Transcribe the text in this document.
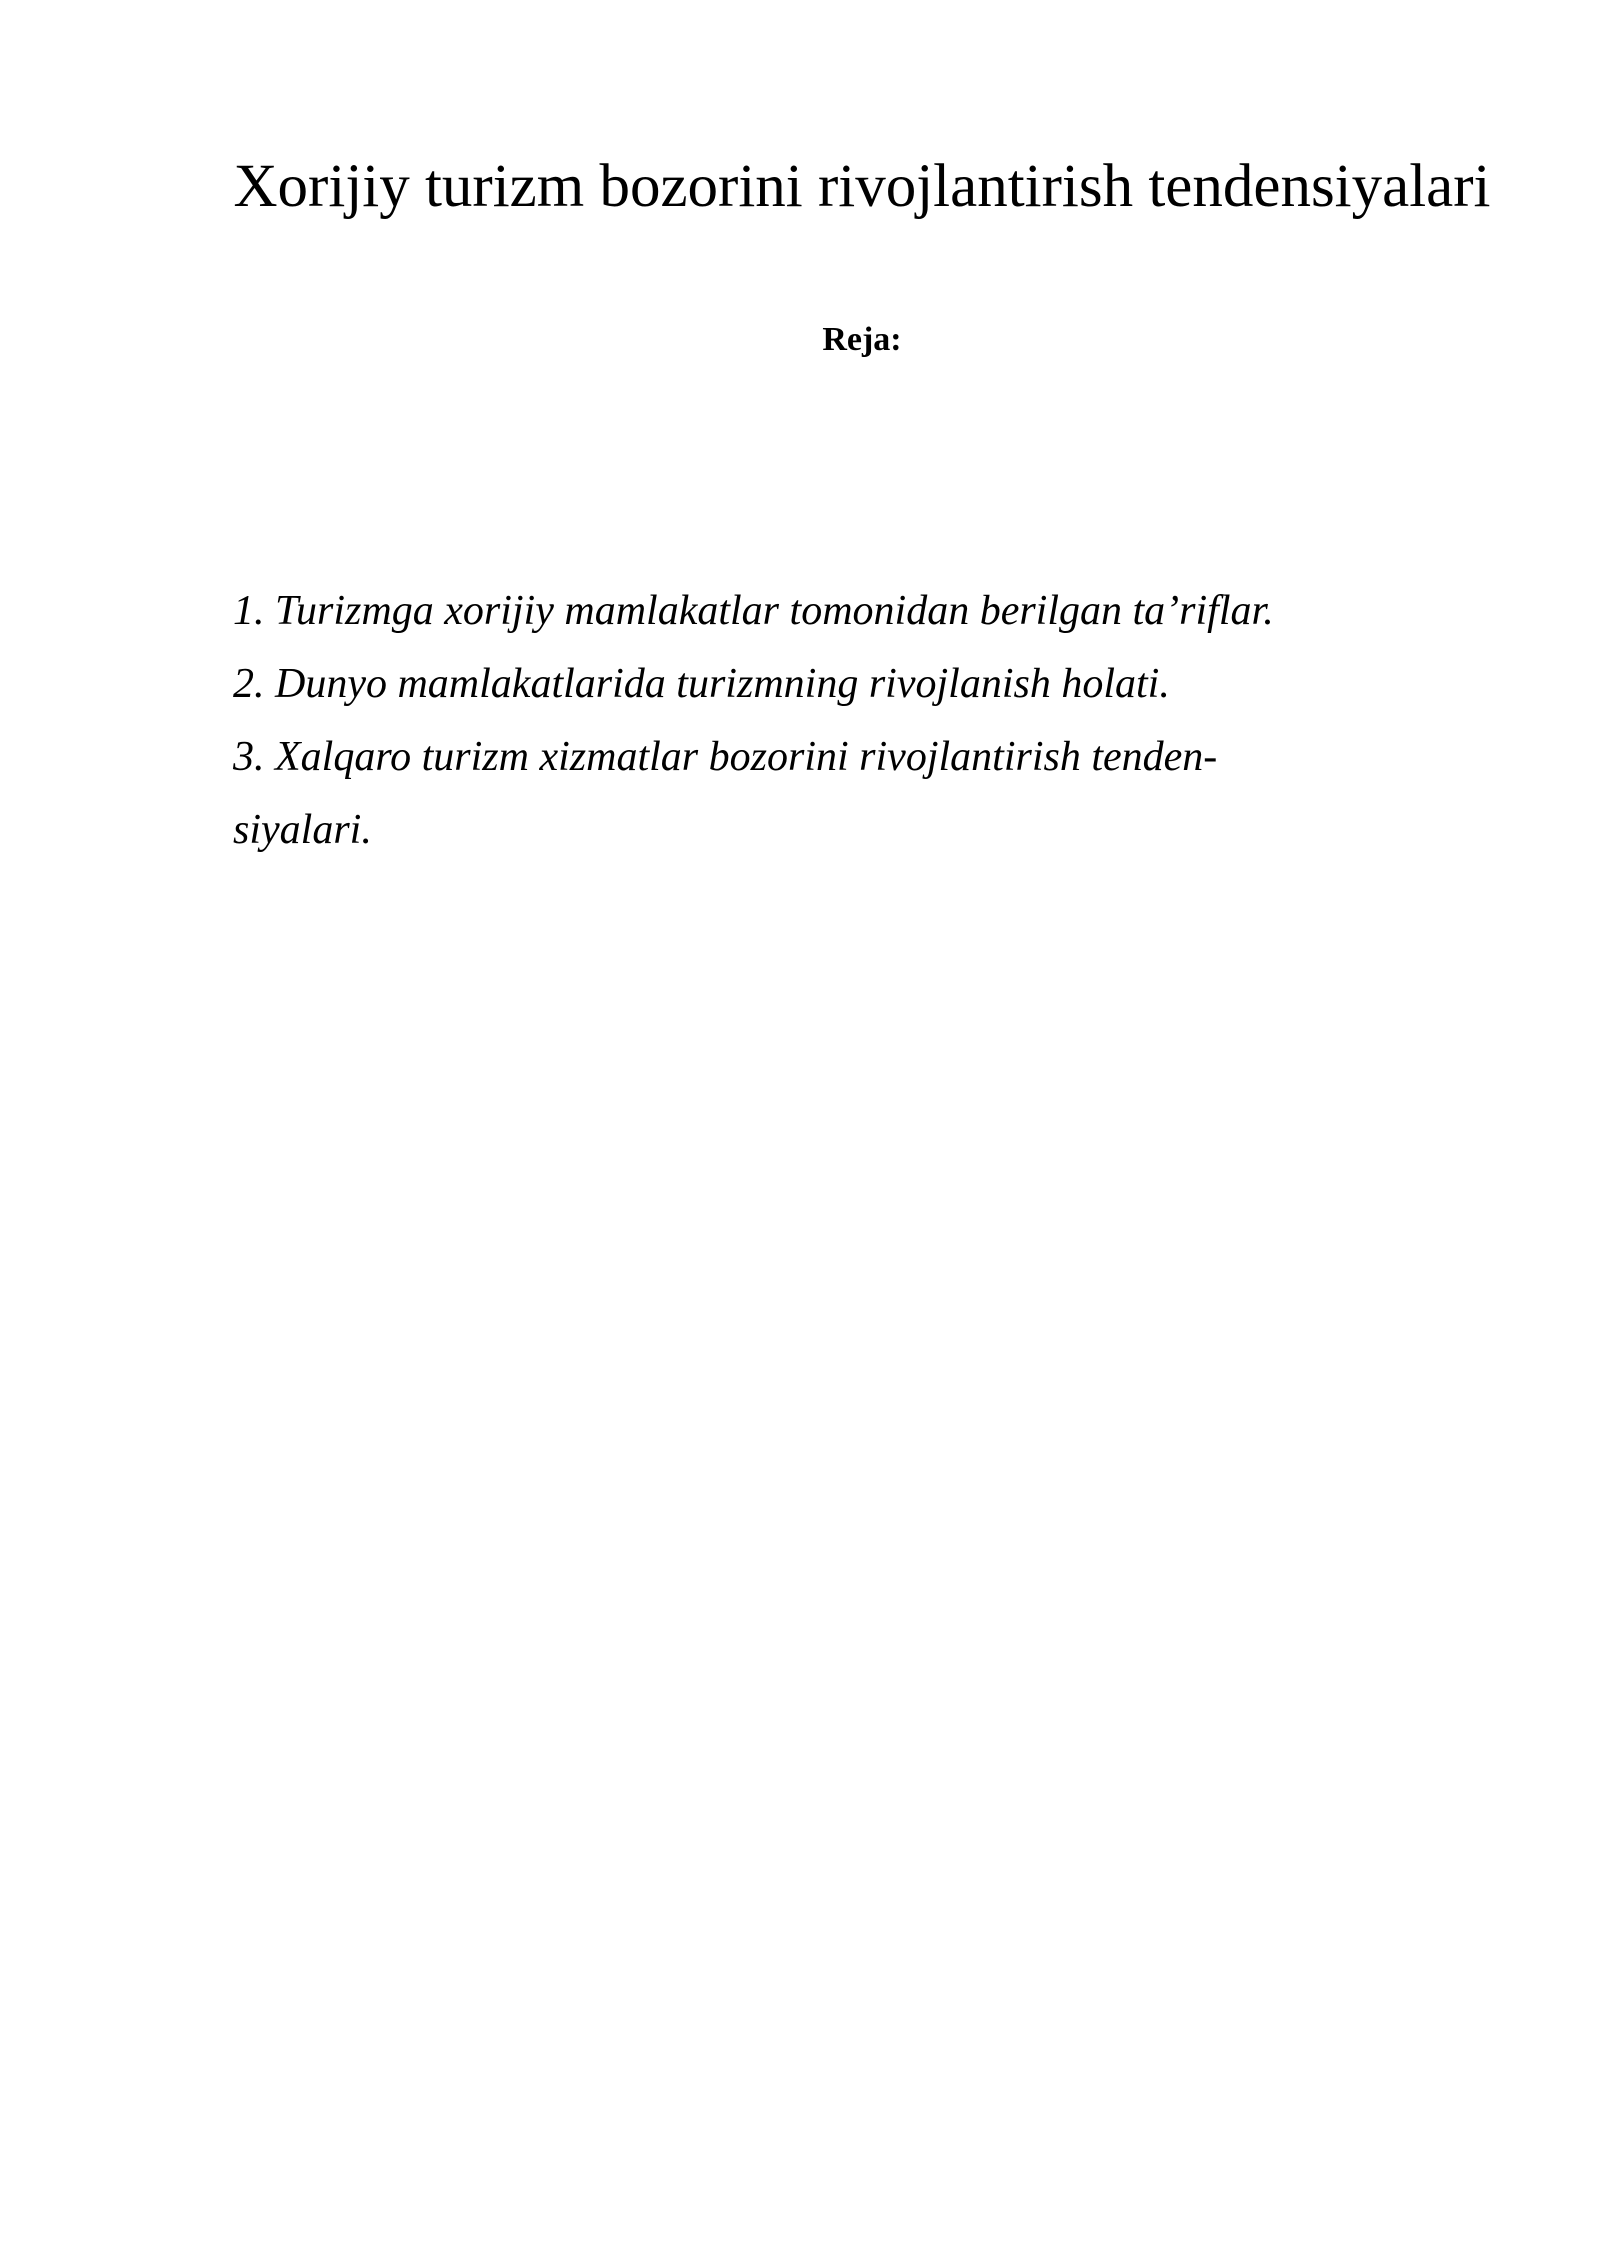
Xorijiy turizm bozorini rivojlantirish tendensiyalari
Reja:
1. Turizmga xorijiy mamlakatlar tomonidan berilgan ta’riflar.
2. Dunyo mamlakatlarida turizmning rivojlanish holati.
3. Xalqaro turizm xizmatlar bozorini rivojlantirish tenden-
siyalari.
